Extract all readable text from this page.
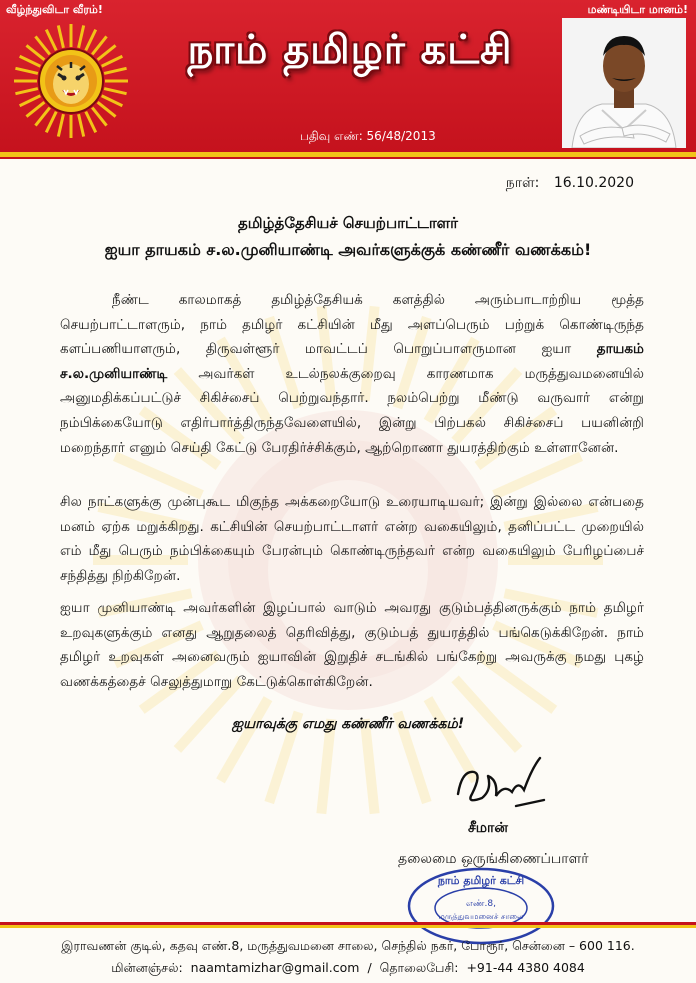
வீழ்ந்துவிடா வீரம்!	மண்டியிடா மானம்!
நாம் தமிழர் கட்சி
பதிவு எண்: 56/48/2013
நாள்: 16.10.2020
தமிழ்த்தேசியச் செயற்பாட்டாளர்
ஐயா தாயகம் ச.ல.முனியாண்டி அவர்களுக்குக் கண்ணீர் வணக்கம்!
நீண்ட காலமாகத் தமிழ்த்தேசியக் களத்தில் அரும்பாடாற்றிய மூத்த செயற்பாட்டாளரும், நாம் தமிழர் கட்சியின் மீது அளப்பெரும் பற்றுக் கொண்டிருந்த களப்பணியாளரும், திருவள்ளூர் மாவட்டப் பொறுப்பாளருமான ஐயா தாயகம் ச.ல.முனியாண்டி அவர்கள் உடல்நலக்குறைவு காரணமாக மருத்துவமனையில் அனுமதிக்கப்பட்டுச் சிகிச்சைப் பெற்றுவந்தார். நலம்பெற்று மீண்டு வருவார் என்று நம்பிக்கையோடு எதிர்பார்த்திருந்தவேளையில், இன்று பிற்பகல் சிகிச்சைப் பயனின்றி மறைந்தார் எனும் செய்தி கேட்டு பேரதிர்ச்சிக்கும், ஆற்றொணா துயரத்திற்கும் உள்ளானேன்.
சில நாட்களுக்கு முன்புகூட மிகுந்த அக்கறையோடு உரையாடியவர்; இன்று இல்லை என்பதை மனம் ஏற்க மறுக்கிறது. கட்சியின் செயற்பாட்டாளர் என்ற வகையிலும், தனிப்பட்ட முறையில் எம் மீது பெரும் நம்பிக்கையும் பேரன்பும் கொண்டிருந்தவர் என்ற வகையிலும் பேரிழப்பைச் சந்தித்து நிற்கிறேன்.
ஐயா முனியாண்டி அவர்களின் இழப்பால் வாடும் அவரது குடும்பத்தினருக்கும் நாம் தமிழர் உறவுகளுக்கும் எனது ஆறுதலைத் தெரிவித்து, குடும்பத் துயரத்தில் பங்கெடுக்கிறேன். நாம் தமிழர் உறவுகள் அனைவரும் ஐயாவின் இறுதிச் சடங்கில் பங்கேற்று அவருக்கு நமது புகழ் வணக்கத்தைச் செலுத்துமாறு கேட்டுக்கொள்கிறேன்.
ஐயாவுக்கு எமது கண்ணீர் வணக்கம்!
சீமான்
தலைமை ஒருங்கிணைப்பாளர்
நாம் தமிழர் கட்சி
எண்.8,
மருத்துவமனைச் சாலை
இராவணன் குடில், கதவு எண்.8, மருத்துவமனை சாலை, செந்தில் நகர், போரூர், சென்னை – 600 116.
மின்னஞ்சல்: naamtamizhar@gmail.com / தொலைபேசி: +91-44 4380 4084
